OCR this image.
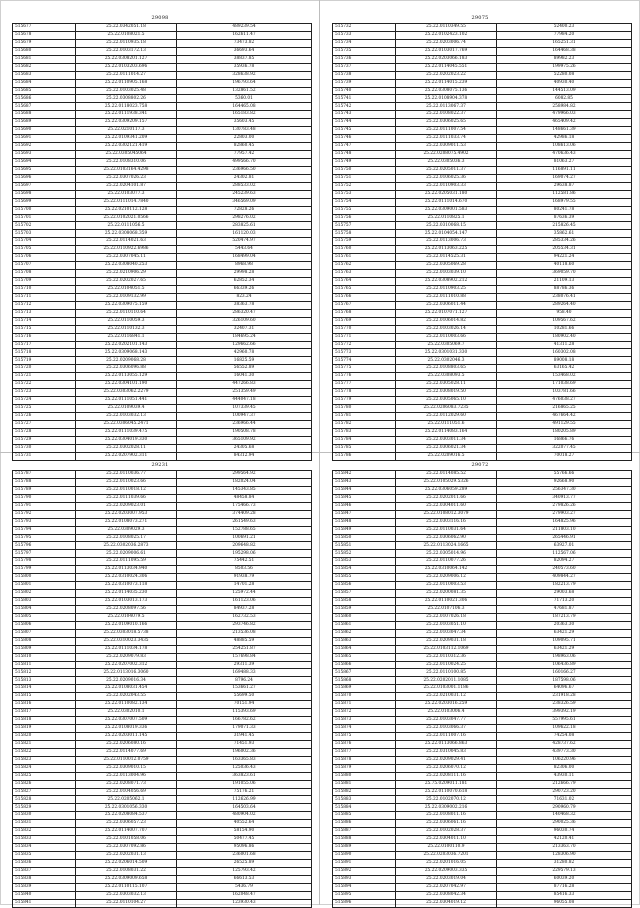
29098
515677	25.22.0342051.18	489239.54
515678	25.22.0108021.5	162611.47
515679	25.22.0110935.18	73473.82
515680	25.22.0103172.13	36693.64
515681	25.22.0308201.127	38837.85
515682	25.22.0103203.696	35936.78
515683	25.22.0111014.27	328638.92
515684	25.22.0110905.168	196793.64
515685	25.22.0103025.48	132861.52
515686	25.22.0308802.26	5360.01
515687	25.22.0118023.758	164465.08
515688	25.22.0111938.341	165183.82
515689	25.22.0309209.157	35603.45
515690	25.22.0210117.3	130783.48
515691	25.22.0109341.209	22803.00
515692	25.22.0302121.419	82860.45
515693	25.22.0305045064	77957.42
515694	25.22.0108310.06	499566.70
515695	25.22.0103164.4298	236966.50
515696	25.22.0307026.23	24302.81
515697	25.22.0204101.87	288533.02
515698	25.22.0103077.3	245239.63
515699	25.22.0111014.7840	346569.09
515700	25.22.0210112.128	72828.26
515701	25.22.0102021.0566	298276.02
515702	25.22.0111056.5	283825.61
515703	25.22.0308068.359	161120.03
515704	25.22.0114021.63	520474.97
515705	25.22.0110922.6986	5443.64
515706	25.22.0307045.11	168499.04
515707	25.22.0308040.253	8968.98
515708	25.22.0210906.29	29998.28
515709	25.22.0202027.65	62852.34
515710	25.22.0104051.5	66339.26
515711	25.22.0109132.99	823.24
515712	25.22.0309075.159	38363.78
515713	25.22.0110110.64	286320.47
515714	25.22.0110059.3	326109.60
515715	25.22.0110132.3	32407.31
515716	25.22.0116841.1	184695.24
515717	25.22.0202101.143	129662.66
515718	25.22.0309068.143	42960.78
515719	25.22.0209068.28	16825.59
515720	25.22.0306096.88	56552.89
515721	25.22.0113055.129	16041.30
515722	25.22.0304101.190	447266.83
515723	25.22.0303062.2279	251359.49
515724	25.22.0111051.441	444047.18
515725	25.22.0109039.4	107339.45
515726	25.22.0103032.13	100947.37
515727	25.22.0306045.2471	236966.44
515728	25.22.0111039.475	190508.78
515729	25.22.0304019.330	365109.92
515730	25.22.0302028.11	24305.68
515731	25.22.0207902.311	84312.94
29075
515732	25.22.0110349.55	52400.23
515733	25.22.0102423.102	77984.20
515734	25.22.0203006.74	165251.31
515735	25.22.0103017.769	164468.38
515736	25.22.0203066.183	89982.23
515737	25.22.0114045.551	199975.26
515738	25.22.0202023.22	52280.08
515739	25.22.0114015.239	40930.40
515740	25.22.0308075.136	144513.09
515741	25.22.0108904.378	6082.85
515742	25.22.0113067.37	258984.82
515743	25.22.0108022.37	479966.03
515744	25.22.0306025.65	465409.42
515745	25.22.0111007.54	148661.39
515746	25.22.0111033.74	42986.18
515747	25.22.0309011.53	108613.06
515748	25.22.0208075.4902	470636.43
515749	25.22.0305036.3	81063.27
515750	25.22.0205011.37	116891.11
515751	25.22.0106025.36	169074.27
515752	25.22.0110903.33	29638.87
515753	25.22.0205031.180	112581.86
515754	25.22.0111014.670	168979.55
515755	25.22.0309001.583	80241.78
515756	25.22.0110825.1	87636.39
515757	25.22.0310068.15	215826.45
515758	25.22.0104054.147	35862.61
515759	25.22.0113006.73	285334.26
515760	25.22.0113063.225	205534.31
515761	25.22.0114525.31	94221.24
515762	25.22.0305069.28	40118.60
515763	25.22.0103039.10	369059.70
515764	25.22.0308902.212	21109.13
515765	25.22.0110903.25	88786.36
515766	25.22.0111010.88	238076.41
515767	25.22.0306011.44	289264.40
515768	25.22.0107071.127	958.40
515769	25.22.0106014.82	109567.62
515770	25.22.0103026.14	10281.66
515771	25.22.0110003.66	180902.40
515772	25.22.0305069.7	41311.28
515773	25.22.0301031.330	160302.08
515774	25.22.0302046.3	89008.18
515775	25.22.0108803.65	63165.42
515776	25.22.0308093.5	153468.02
515777	25.22.0305028.11	171038.69
515778	25.22.0308019.50	103781.66
515779	25.22.0305065.10	476038.27
515780	25.22.0206083.7235	216865.25
515781	25.22.0112029.60	467664.42
515782	25.22.0111051.6	491129.55
515783	25.22.0114083.164	180205.89
515784	25.22.0303011.34	16866.76
515785	25.22.0306021.34	322077.45
515786	25.22.0209016.5	70018.27
29231
515787	25.22.0110036.77	299564.92
515788	25.22.0110023.66	182024.04
515789	25.22.0110018.12	145343.85
515790	25.22.0111039.66	48458.84
515791	25.22.0209023.01	175466.73
515792	25.22.0203007.953	374409.28
515793	25.22.0108073.271	261549.63
515794	25.22.0309029.3	152788.65
515795	25.22.0108025.17	100691.21
515796	25.22.0302036.2873	209648.82
515797	25.22.0209006.61	195298.06
515798	25.22.0111095.59	75442.51
515799	25.22.0113034.940	8503.56
515800	25.22.0310024.306	91938.79
515801	25.22.0310073.118	14701.28
515802	25.22.0114035.230	125972.44
515803	25.22.0103013.173	161123.06
515804	25.22.0208097.56	84937.28
515805	25.22.0104079.5	162732.53
515806	25.22.0109010.166	293746.82
515807	25.22.0303018.5738	213536.08
515808	25.22.0310023.3435	48885.59
515809	25.22.0111034.178	254251.87
515810	25.22.0209079.83	157698.84
515811	25.22.0207002.312	29311.39
515812	25.22.0113016.3060	169488.33
515813	25.22.0209016.34	8796.24
515814	25.22.0108031.454	153661.27
515815	25.22.0202043.55	55699.50
515816	25.22.0110082.134	70151.94
515817	25.22.0302010.1	115393.69
515818	25.22.0307007.509	166782.62
515819	25.22.0108019.336	179071.33
515820	25.22.0203011.145	31941.45
515821	25.22.0206080.16	71451.93
515822	25.22.0114077.69	196002.36
515823	25.22.0110012.0759	163365.83
515824	25.22.0309010.15	125036.43
515825	25.22.0113004.96	363823.61
515826	25.22.0208071.73	191055.06
515827	25.22.0104056.69	75176.21
515828	25.22.0205062.1	112626.99
515829	25.22.0301056.330	164503.64
515830	25.22.0208084.537	480904.02
515831	25.22.0306057.23	40552.64
515832	25.22.0114007.707	58154.90
515833	25.22.0101058.06	50477.45
515834	25.22.0307092.86	95096.86
515835	25.22.0202031.13	236001.68
515836	25.22.0206014.509	26525.89
515837	25.22.0108031.22	125793.42
515838	25.22.0309009.658	66613.53
515839	25.22.0110115.107	5436.79
515840	25.22.0303032.13	162048.47
515841	25.22.0110104.27	123930.43
29072
515842	25.22.0114085.52	55766.66
515843	25.22.0105029.5326	92668.90
515844	25.22.0306059.289	256347.30
515845	25.22.0202011.66	340913.77
515846	25.22.0304011.60	279826.26
515847	25.22.0108012.3079	279903.27
515848	25.22.0303116.16	164825.96
515849	25.22.0110031.64	211803.10
515850	25.22.0306062.90	265446.91
515851	25.22.0113024.1665	63927.01
515852	25.22.0305014.96	112567.06
515853	25.22.0110077.26	82094.27
515854	25.22.0310064.142	240573.60
515855	25.22.0209006.12	409844.27
515856	25.22.0110003.53	182213.79
515857	25.22.0200081.35	29003.68
515858	25.22.0110021.306	71713.20
515859	25.22.0107106.3	47681.87
515860	25.22.0107026.18	187213.79
515861	25.22.0103051.10	20363.30
515862	25.22.0103047.34	63421.29
515863	25.22.0209031.18	109095.71
515864	25.22.0103112.1069	63421.29
515865	25.22.0110312.36	198963.06
515866	25.22.0110024.25	106436.89
515867	25.22.0110100.85	160166.27
515868	25.22.0202011.1085	187598.06
515869	25.22.0103001.1186	64096.67
515870	25.22.0210031.12	231918.28
515871	25.22.0203016.259	238326.59
515872	25.22.0103006.4	399392.19
515873	25.22.0103047.77	557995.61
515874	25.22.0103066.37	109622.18
515875	25.22.0111007.16	74254.08
515876	25.22.0113066.863	428737.62
515877	25.22.0310045.83	439773.30
515878	25.22.0209029.41	106220.96
515879	25.22.0206070.12	82306.00
515880	25.22.0208111.16	43930.11
515881	25.75.0209011.181	212666.79
515882	25.22.0110070.618	290723.20
515883	25.22.0102070.12	71631.02
515884	25.22.0309002.216	290960.79
515885	25.22.0108011.16	140468.32
515886	25.22.0306061.16	290025.36
515887	25.22.0102028.37	96030.74
515888	25.22.0304011.10	42120.41
515889	25.22.0100110.9	213363.70
515890	25.22.0203036.7201	128306.90
515891	25.22.0201016.05	31280.82
515892	25.22.0209003.335	229579.13
515893	25.22.0203019.04	60039.20
515894	25.22.0207042.97	87716.28
515895	25.22.0308042.34	85416.33
515896	25.22.0304019.12	96055.08
